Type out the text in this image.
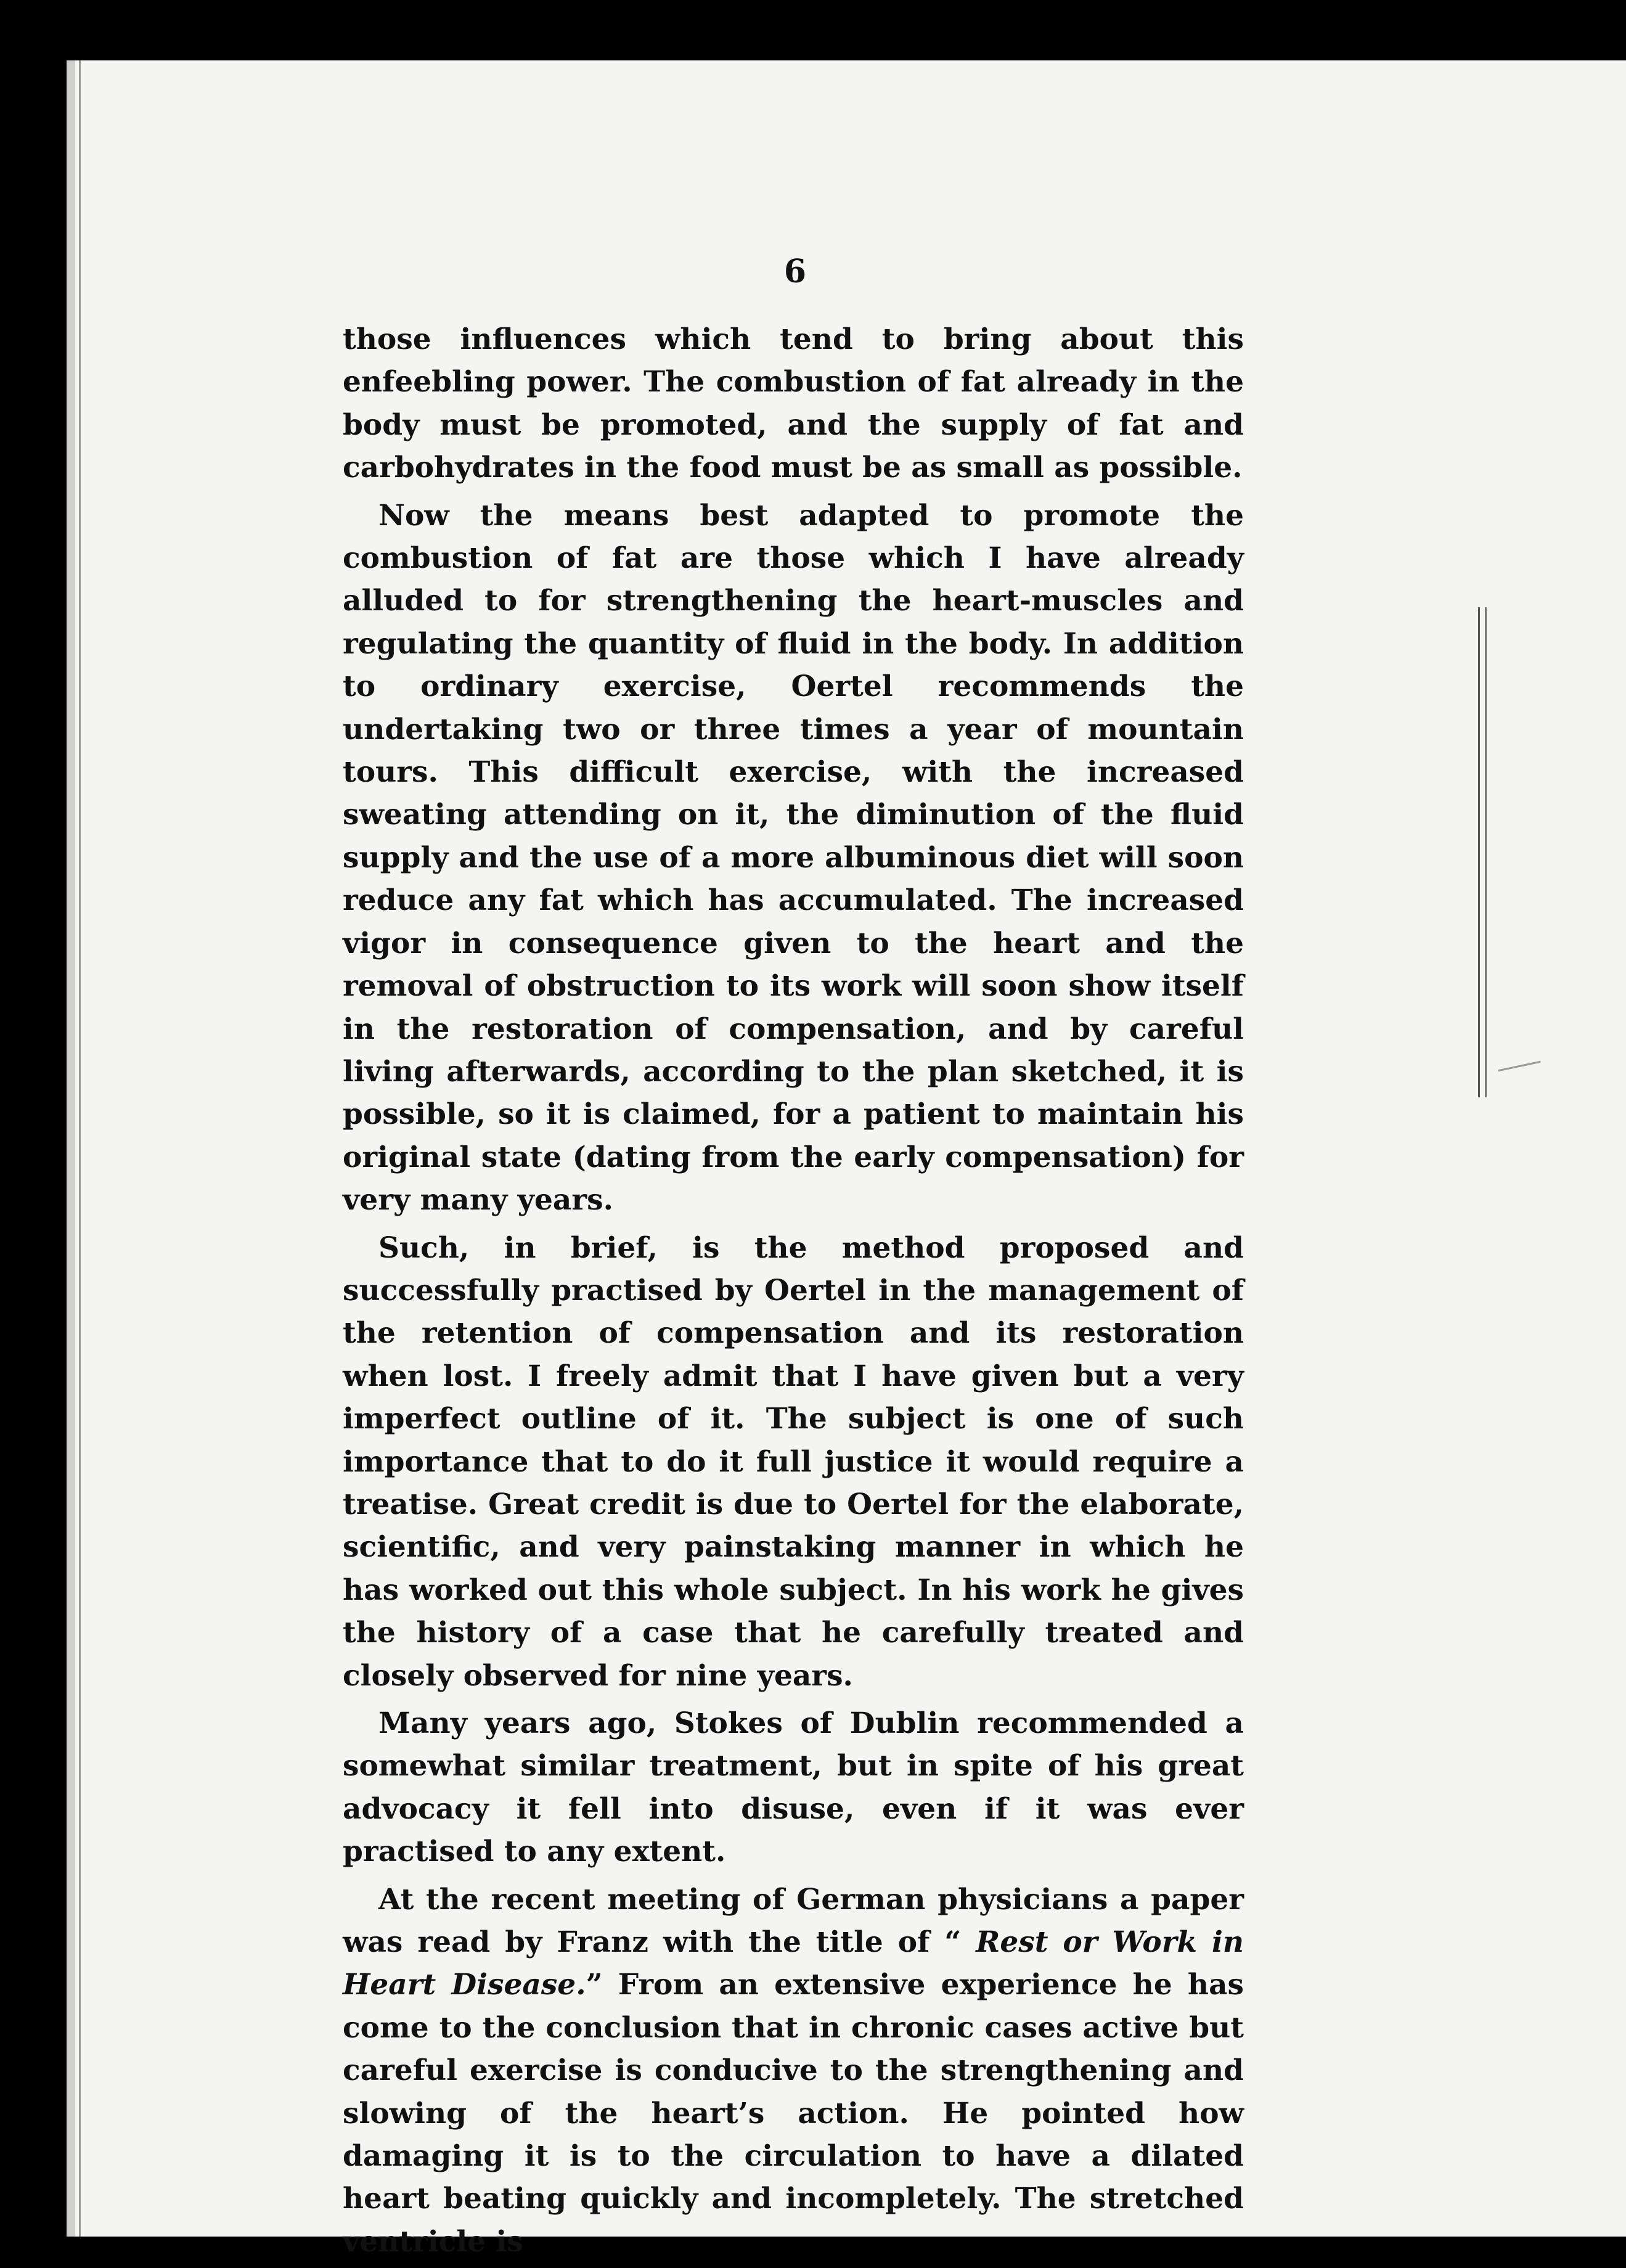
6

those influences which tend to bring about this enfeebling power. The combustion of fat already in the body must be promoted, and the supply of fat and carbohydrates in the food must be as small as possible.

Now the means best adapted to promote the combustion of fat are those which I have already alluded to for strengthening the heart-muscles and regulating the quantity of fluid in the body. In addition to ordinary exercise, Oertel recommends the undertaking two or three times a year of mountain tours. This difficult exercise, with the increased sweating attending on it, the diminution of the fluid supply and the use of a more albuminous diet will soon reduce any fat which has accumulated. The increased vigor in consequence given to the heart and the removal of obstruction to its work will soon show itself in the restoration of compensation, and by careful living afterwards, according to the plan sketched, it is possible, so it is claimed, for a patient to maintain his original state (dating from the early compensation) for very many years.

Such, in brief, is the method proposed and successfully practised by Oertel in the management of the retention of compensation and its restoration when lost. I freely admit that I have given but a very imperfect outline of it. The subject is one of such importance that to do it full justice it would require a treatise. Great credit is due to Oertel for the elaborate, scientific, and very painstaking manner in which he has worked out this whole subject. In his work he gives the history of a case that he carefully treated and closely observed for nine years.

Many years ago, Stokes of Dublin recommended a somewhat similar treatment, but in spite of his great advocacy it fell into disuse, even if it was ever practised to any extent.

At the recent meeting of German physicians a paper was read by Franz with the title of “ Rest or Work in Heart Disease.” From an extensive experience he has come to the conclusion that in chronic cases active but careful exercise is conducive to the strengthening and slowing of the heart’s action. He pointed how damaging it is to the circulation to have a dilated heart beating quickly and incompletely. The stretched ventricle is
